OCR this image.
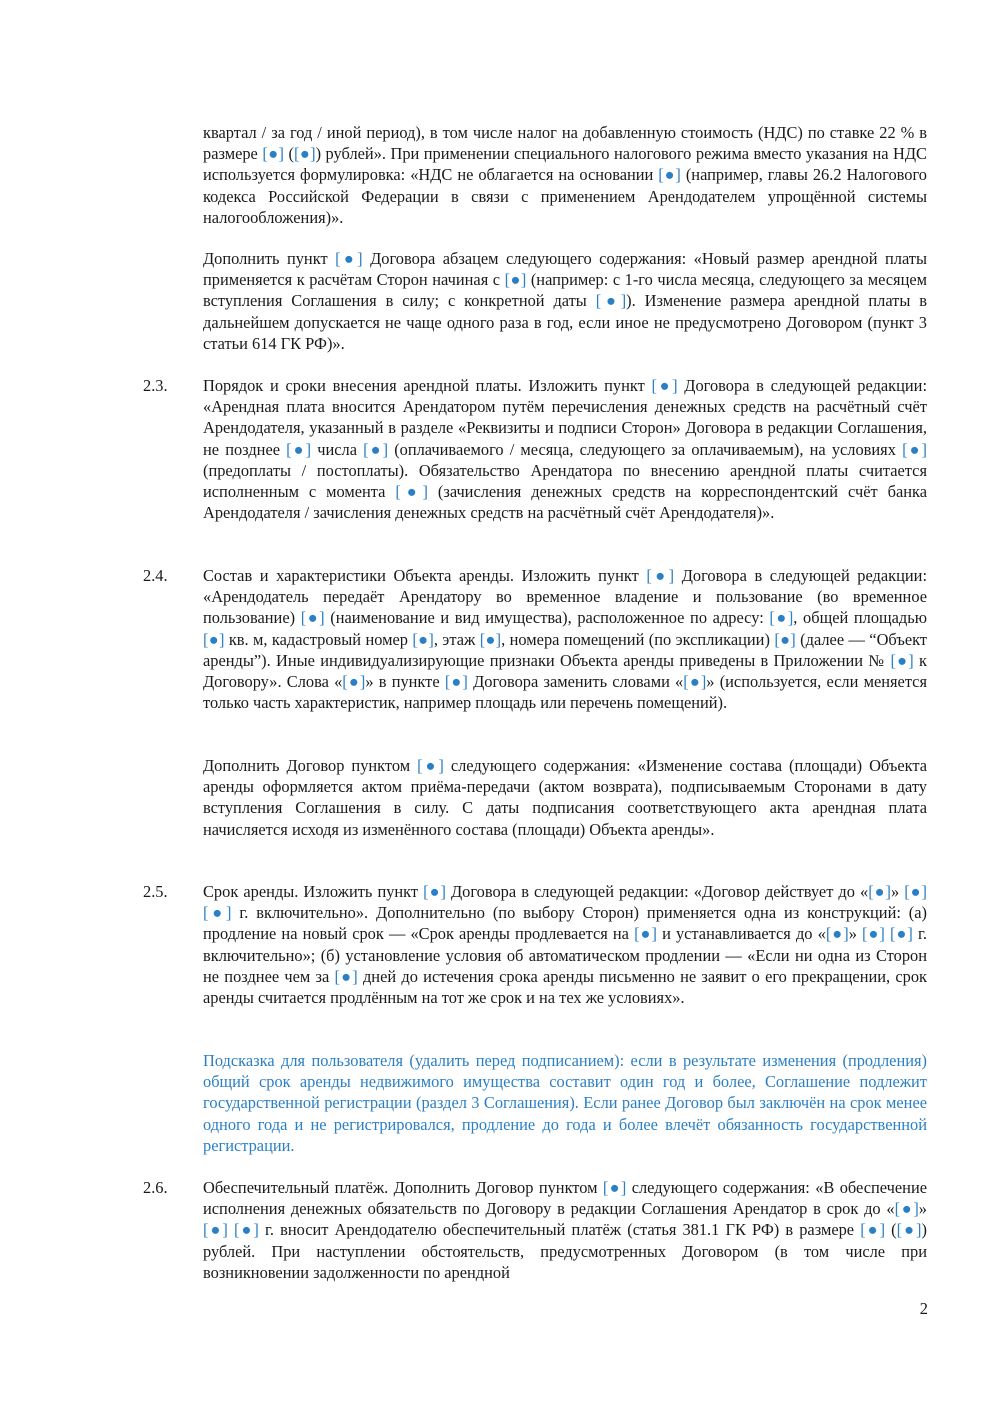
2.3.
2.4.
2.5.
2.6.

квартал / за год / иной период), в том числе налог на добавленную стоимость (НДС) по ставке 22 % в размере [●] ([●]) рублей». При применении специального налогового режима вместо указания на НДС используется формулировка: «НДС не облагается на основании [●] (например, главы 26.2 Налогового кодекса Российской Федерации в связи с применением Арендодателем упрощённой системы налогообложения)».

Дополнить пункт [●] Договора абзацем следующего содержания: «Новый размер арендной платы применяется к расчётам Сторон начиная с [●] (например: с 1-го числа месяца, следующего за месяцем вступления Соглашения в силу; с конкретной даты [●]). Изменение размера арендной платы в дальнейшем допускается не чаще одного раза в год, если иное не предусмотрено Договором (пункт 3 статьи 614 ГК РФ)».

Порядок и сроки внесения арендной платы. Изложить пункт [●] Договора в следующей редакции: «Арендная плата вносится Арендатором путём перечисления денежных средств на расчётный счёт Арендодателя, указанный в разделе «Реквизиты и подписи Сторон» Договора в редакции Соглашения, не позднее [●] числа [●] (оплачиваемого / месяца, следующего за оплачиваемым), на условиях [●] (предоплаты / постоплаты). Обязательство Арендатора по внесению арендной платы считается исполненным с момента [●] (зачисления денежных средств на корреспондентский счёт банка Арендодателя / зачисления денежных средств на расчётный счёт Арендодателя)».

Состав и характеристики Объекта аренды. Изложить пункт [●] Договора в следующей редакции: «Арендодатель передаёт Арендатору во временное владение и пользование (во временное пользование) [●] (наименование и вид имущества), расположенное по адресу: [●], общей площадью [●] кв. м, кадастровый номер [●], этаж [●], номера помещений (по экспликации) [●] (далее — “Объект аренды”). Иные индивидуализирующие признаки Объекта аренды приведены в Приложении № [●] к Договору». Слова «[●]» в пункте [●] Договора заменить словами «[●]» (используется, если меняется только часть характеристик, например площадь или перечень помещений).

Дополнить Договор пунктом [●] следующего содержания: «Изменение состава (площади) Объекта аренды оформляется актом приёма-передачи (актом возврата), подписываемым Сторонами в дату вступления Соглашения в силу. С даты подписания соответствующего акта арендная плата начисляется исходя из изменённого состава (площади) Объекта аренды».

Срок аренды. Изложить пункт [●] Договора в следующей редакции: «Договор действует до «[●]» [●] [●] г. включительно». Дополнительно (по выбору Сторон) применяется одна из конструкций: (а) продление на новый срок — «Срок аренды продлевается на [●] и устанавливается до «[●]» [●] [●] г. включительно»; (б) установление условия об автоматическом продлении — «Если ни одна из Сторон не позднее чем за [●] дней до истечения срока аренды письменно не заявит о его прекращении, срок аренды считается продлённым на тот же срок и на тех же условиях».

Подсказка для пользователя (удалить перед подписанием): если в результате изменения (продления) общий срок аренды недвижимого имущества составит один год и более, Соглашение подлежит государственной регистрации (раздел 3 Соглашения). Если ранее Договор был заключён на срок менее одного года и не регистрировался, продление до года и более влечёт обязанность государственной регистрации.

Обеспечительный платёж. Дополнить Договор пунктом [●] следующего содержания: «В обеспечение исполнения денежных обязательств по Договору в редакции Соглашения Арендатор в срок до «[●]» [●] [●] г. вносит Арендодателю обеспечительный платёж (статья 381.1 ГК РФ) в размере [●] ([●]) рублей. При наступлении обстоятельств, предусмотренных Договором (в том числе при возникновении задолженности по арендной

2
